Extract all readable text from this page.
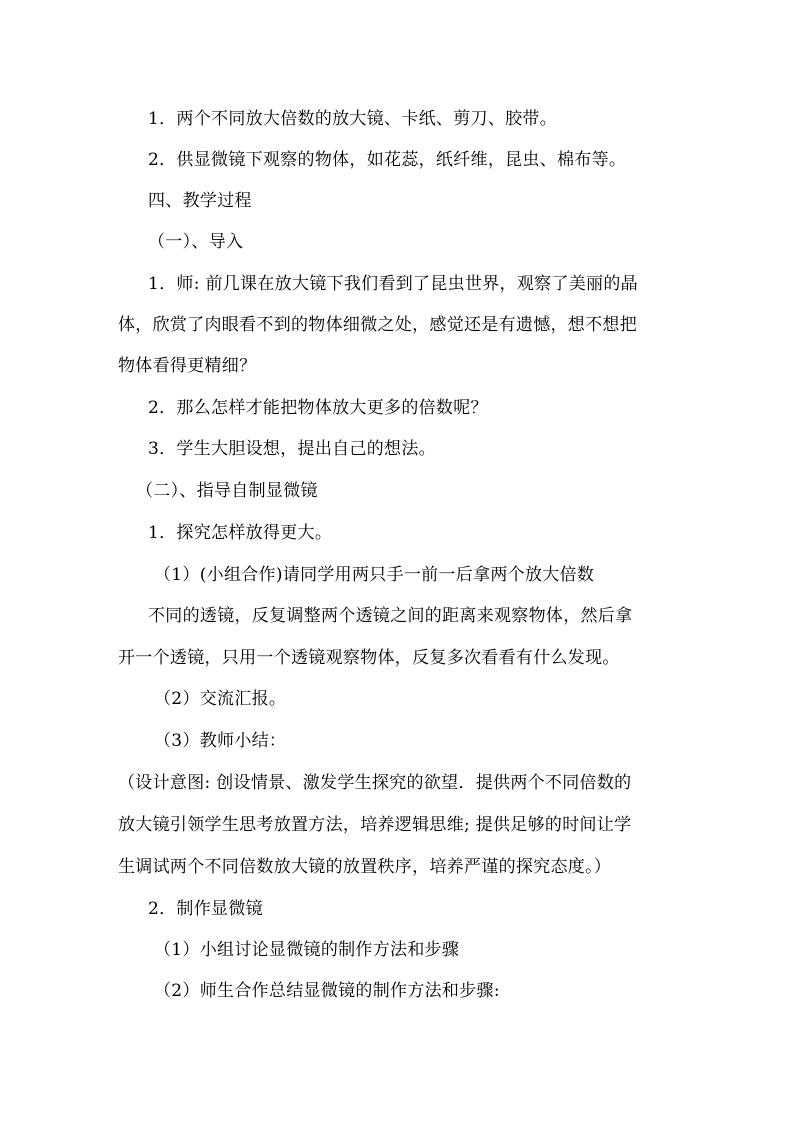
1．两个不同放大倍数的放大镜、卡纸、剪刀、胶带。
2．供显微镜下观察的物体，如花蕊，纸纤维，昆虫、棉布等。
四、教学过程
（一）、导入
1．师: 前几课在放大镜下我们看到了昆虫世界，观察了美丽的晶
体，欣赏了肉眼看不到的物体细微之处，感觉还是有遗憾，想不想把
物体看得更精细？
2．那么怎样才能把物体放大更多的倍数呢？
3．学生大胆设想，提出自己的想法。
（二）、指导自制显微镜
1．探究怎样放得更大。
（1）(小组合作)请同学用两只手一前一后拿两个放大倍数
不同的透镜，反复调整两个透镜之间的距离来观察物体，然后拿
开一个透镜，只用一个透镜观察物体，反复多次看看有什么发现。
（2）交流汇报。
（3）教师小结：
（设计意图: 创设情景、激发学生探究的欲望．提供两个不同倍数的
放大镜引领学生思考放置方法，培养逻辑思维; 提供足够的时间让学
生调试两个不同倍数放大镜的放置秩序，培养严谨的探究态度。）
2．制作显微镜
（1）小组讨论显微镜的制作方法和步骤
（2）师生合作总结显微镜的制作方法和步骤:
